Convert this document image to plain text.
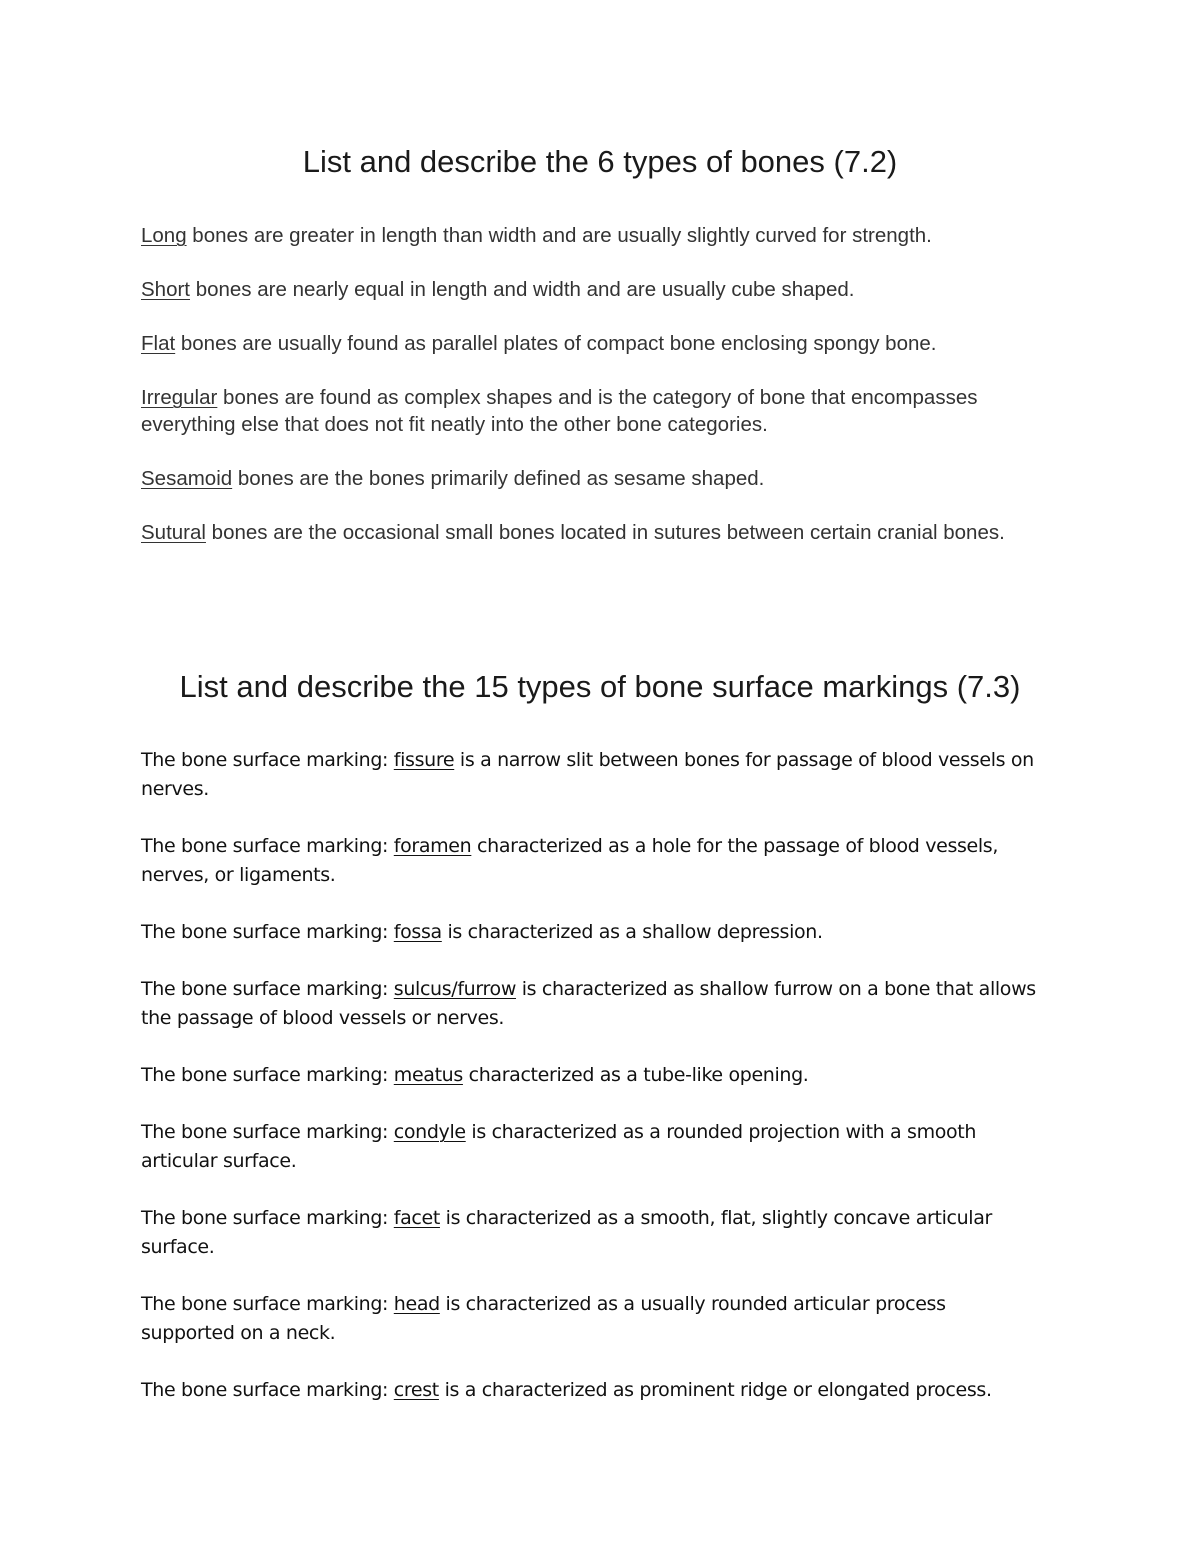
List and describe the 6 types of bones (7.2)

Long bones are greater in length than width and are usually slightly curved for strength.

Short bones are nearly equal in length and width and are usually cube shaped.

Flat bones are usually found as parallel plates of compact bone enclosing spongy bone.

Irregular bones are found as complex shapes and is the category of bone that encompasses everything else that does not fit neatly into the other bone categories.

Sesamoid bones are the bones primarily defined as sesame shaped.

Sutural bones are the occasional small bones located in sutures between certain cranial bones.

List and describe the 15 types of bone surface markings (7.3)

The bone surface marking: fissure is a narrow slit between bones for passage of blood vessels on nerves.

The bone surface marking: foramen characterized as a hole for the passage of blood vessels, nerves, or ligaments.

The bone surface marking: fossa is characterized as a shallow depression.

The bone surface marking: sulcus/furrow is characterized as shallow furrow on a bone that allows the passage of blood vessels or nerves.

The bone surface marking: meatus characterized as a tube-like opening.

The bone surface marking: condyle is characterized as a rounded projection with a smooth articular surface.

The bone surface marking: facet is characterized as a smooth, flat, slightly concave articular surface.

The bone surface marking: head is characterized as a usually rounded articular process supported on a neck.

The bone surface marking: crest is a characterized as prominent ridge or elongated process.
